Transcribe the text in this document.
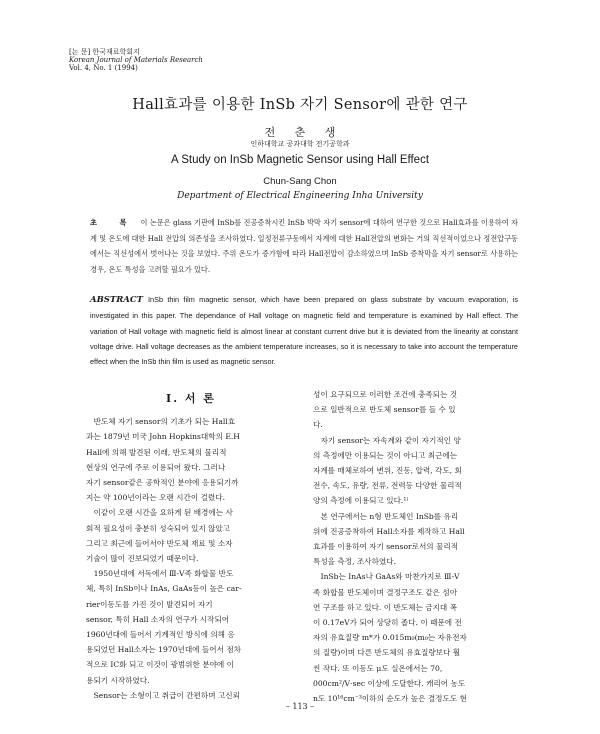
[논 문] 한국재료학회지
Korean Journal of Materials Research
Vol. 4, No. 1 (1994)
Hall효과를 이용한 InSb 자기 Sensor에 관한 연구
전 춘 생
인하대학교 공과대학 전기공학과
A Study on InSb Magnetic Sensor using Hall Effect
Chun-Sang Chon
Department of Electrical Engineering Inha University
초 록 이 논문은 glass 기판에 InSb를 진공증착시킨 InSb 박막 자기 sensor에 대하여 연구한 것으로 Hall효과를 이용하여 자계 및 온도에 대한 Hall 전압의 의존성을 조사하였다. 일정전류구동에서 자계에 대한 Hall전압의 변화는 거의 직선적이었으나 정전압구동에서는 직선성에서 벗어나는 것을 보였다. 주위 온도가 증가함에 따라 Hall전압이 감소하였으며 InSb 증착막을 자기 sensor로 사용하는 경우, 온도 특성을 고려할 필요가 있다.
ABSTRACT InSb thin film magnetic sensor, which have been prepared on glass substrate by vacuum evaporation, is investigated in this paper. The dependance of Hall voltage on magnetic field and temperature is examined by Hall effect. The variation of Hall voltage with magnetic field is almost linear at constant current drive but it is deviated from the linearity at constant voltage drive. Hall voltage decreases as the ambient temperature increases, so it is necessary to take into account the temperature effect when the InSb thin film is used as magnetic sensor.
I. 서 론

　반도체 자기 sensor의 기초가 되는 Hall효

과는 1879년 미국 John Hopkins대학의 E.H

Hall에 의해 발견된 이래, 반도체의 물리적

현상의 연구에 주로 이용되어 왔다. 그러나

자기 sensor같은 공학적인 분야에 응용되기까

지는 약 100년이라는 오랜 시간이 걸렸다.

　이같이 오랜 시간을 요하게 된 배경에는 사

회적 필요성이 충분히 성숙되어 있지 않았고

그리고 최근에 들어서야 반도체 재료 및 소자

기술이 많이 진보되었기 때문이다.

　1950년대에 서독에서 Ⅲ-Ⅴ족 화합물 반도

체, 특히 InSb이나 InAs, GaAs등이 높은 car-

rier이동도를 가진 것이 발견되어 자기

sensor, 특히 Hall 소자의 연구가 시작되어

1960년대에 들어서 기계적인 방식에 의해 응

용되었던 Hall소자는 1970년대에 들어서 점차

적으로 IC화 되고 이것이 광범위한 분야에 이

용되기 시작하였다.

　Sensor는 소형이고 취급이 간편하며 고신뢰

성이 요구되므로 이러한 조건에 충족되는 것

으로 일반적으로 반도체 sensor를 들 수 있

다.

　자기 sensor는 자속계와 같이 자기적인 양

의 측정에만 이용되는 것이 아니고 최근에는

자계를 매체로하여 변위, 진동, 압력, 각도, 회

전수, 속도, 유량, 전류, 전력등 다양한 물리적

양의 측정에 이용되고 있다.¹⁾

　본 연구에서는 n형 반도체인 InSb를 유리

위에 진공증착하여 Hall소자를 제작하고 Hall

효과를 이용하여 자기 sensor로서의 물리적

특성을 측정, 조사하였다.

　InSb는 InAs나 GaAs와 마찬가지로 Ⅲ-Ⅴ

족 화합물 반도체이며 결정구조도 같은 섬아

연 구조를 하고 있다. 이 반도체는 금지대 폭

이 0.17eV가 되어 상당히 좁다. 이 때문에 전

자의 유효질량 m*가 0.015m₀(m₀는 자유전자

의 질량)이며 다른 반도체의 유효질량보다 훨

씬 작다. 또 이동도 μ도 실온에서는 70,

000cm²/V·sec 이상에 도달한다. 캐리어 농도

n도 10¹⁶cm⁻³이하의 순도가 높은 결정도도 현

– 113 –
